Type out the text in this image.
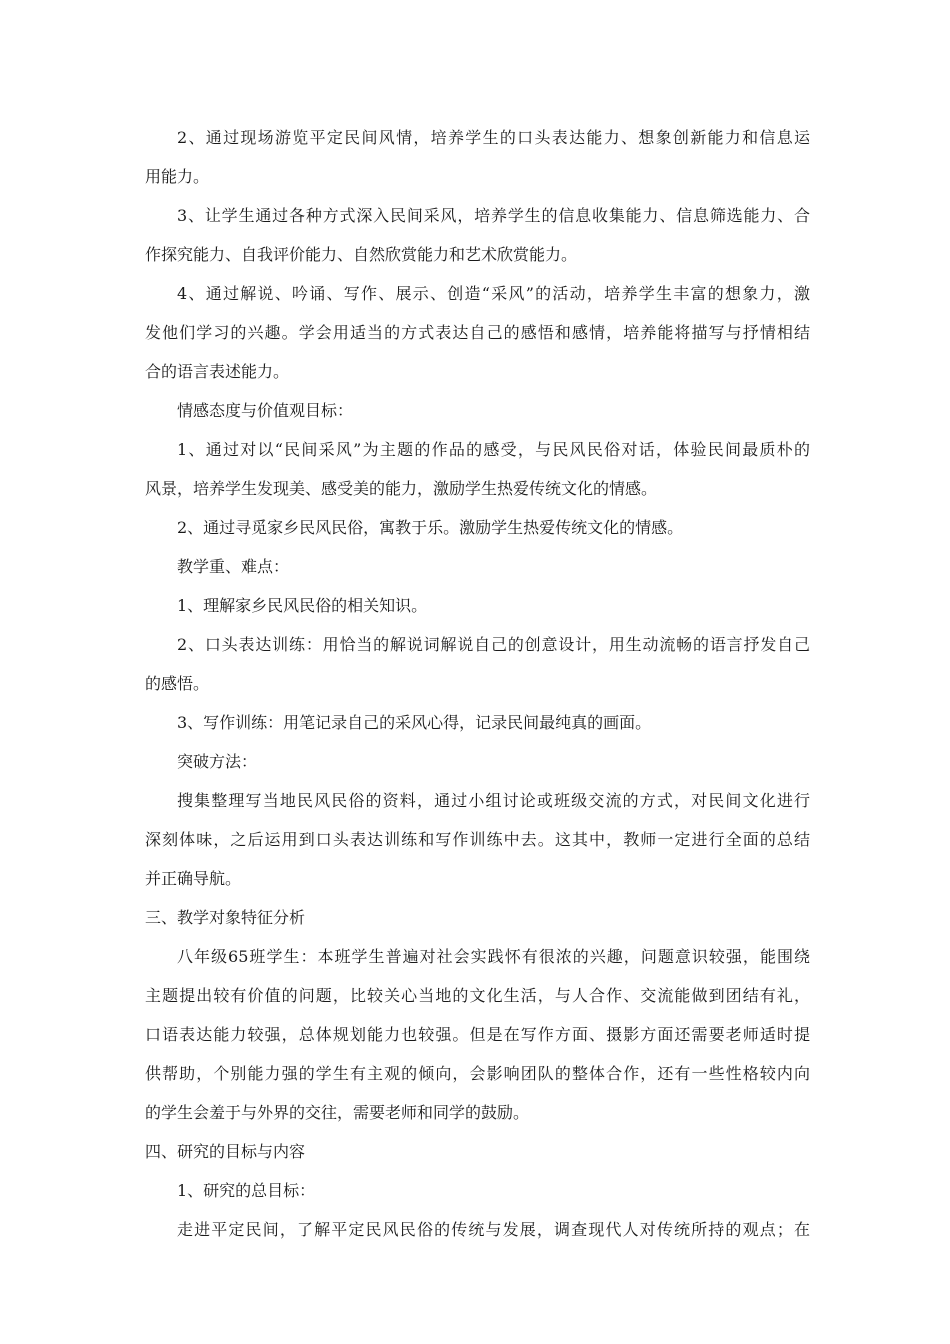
2、通过现场游览平定民间风情，培养学生的口头表达能力、想象创新能力和信息运
用能力。
3、让学生通过各种方式深入民间采风，培养学生的信息收集能力、信息筛选能力、合
作探究能力、自我评价能力、自然欣赏能力和艺术欣赏能力。
4、通过解说、吟诵、写作、展示、创造“采风”的活动，培养学生丰富的想象力，激
发他们学习的兴趣。学会用适当的方式表达自己的感悟和感情，培养能将描写与抒情相结
合的语言表述能力。
情感态度与价值观目标：
1、通过对以“民间采风”为主题的作品的感受，与民风民俗对话，体验民间最质朴的
风景，培养学生发现美、感受美的能力，激励学生热爱传统文化的情感。
2、通过寻觅家乡民风民俗，寓教于乐。激励学生热爱传统文化的情感。
教学重、难点：
1、理解家乡民风民俗的相关知识。
2、口头表达训练：用恰当的解说词解说自己的创意设计，用生动流畅的语言抒发自己
的感悟。
3、写作训练：用笔记录自己的采风心得，记录民间最纯真的画面。
突破方法：
搜集整理写当地民风民俗的资料，通过小组讨论或班级交流的方式，对民间文化进行
深刻体味，之后运用到口头表达训练和写作训练中去。这其中，教师一定进行全面的总结
并正确导航。
三、教学对象特征分析
八年级65班学生：本班学生普遍对社会实践怀有很浓的兴趣，问题意识较强，能围绕
主题提出较有价值的问题，比较关心当地的文化生活，与人合作、交流能做到团结有礼，
口语表达能力较强，总体规划能力也较强。但是在写作方面、摄影方面还需要老师适时提
供帮助，个别能力强的学生有主观的倾向，会影响团队的整体合作，还有一些性格较内向
的学生会羞于与外界的交往，需要老师和同学的鼓励。
四、研究的目标与内容
1、研究的总目标：
走进平定民间，了解平定民风民俗的传统与发展，调查现代人对传统所持的观点；在
